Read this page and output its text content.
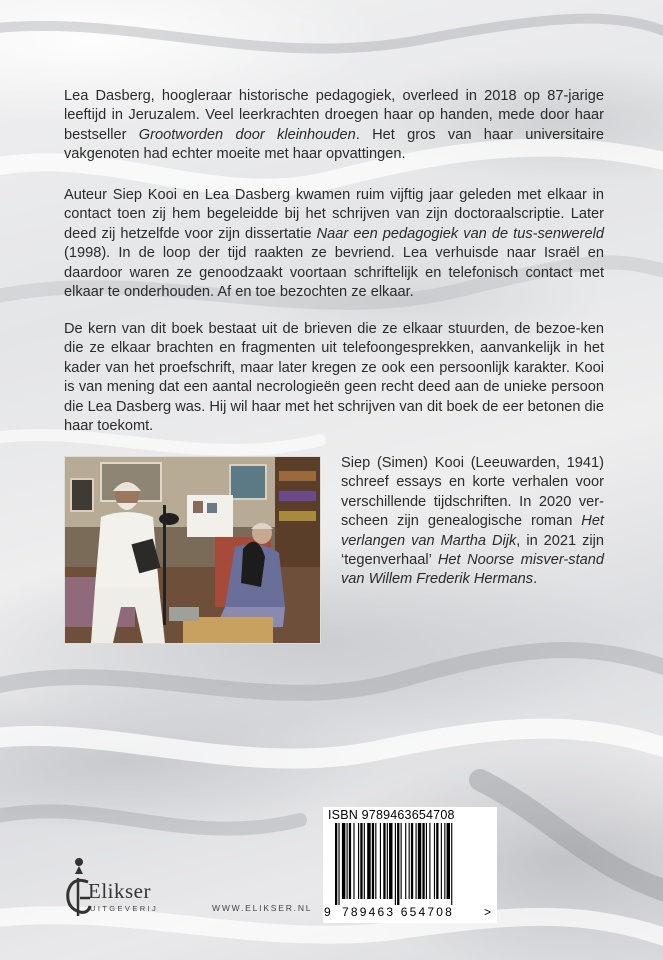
Lea Dasberg, hoogleraar historische pedagogiek, overleed in 2018 op 87-jarige leeftijd in Jeruzalem. Veel leerkrachten droegen haar op handen, mede door haar bestseller Grootworden door kleinhouden. Het gros van haar universitaire vakgenoten had echter moeite met haar opvattingen.
Auteur Siep Kooi en Lea Dasberg kwamen ruim vijftig jaar geleden met elkaar in contact toen zij hem begeleidde bij het schrijven van zijn doctoraalscriptie. Later deed zij hetzelfde voor zijn dissertatie Naar een pedagogiek van de tus-senwereld (1998). In de loop der tijd raakten ze bevriend. Lea verhuisde naar Israël en daardoor waren ze genoodzaakt voortaan schriftelijk en telefonisch contact met elkaar te onderhouden. Af en toe bezochten ze elkaar.
De kern van dit boek bestaat uit de brieven die ze elkaar stuurden, de bezoe-ken die ze elkaar brachten en fragmenten uit telefoongesprekken, aanvankelijk in het kader van het proefschrift, maar later kregen ze ook een persoonlijk karakter. Kooi is van mening dat een aantal necrologieën geen recht deed aan de unieke persoon die Lea Dasberg was. Hij wil haar met het schrijven van dit boek de eer betonen die haar toekomt.
Siep (Simen) Kooi (Leeuwarden, 1941) schreef essays en korte verhalen voor verschillende tijdschriften. In 2020 ver-scheen zijn genealogische roman Het verlangen van Martha Dijk, in 2021 zijn ‘tegenverhaal’ Het Noorse misver-stand van Willem Frederik Hermans.
ISBN 9789463654708
9 789463 654708 >
Elikser
UITGEVERIJ	WWW.ELIKSER.NL
